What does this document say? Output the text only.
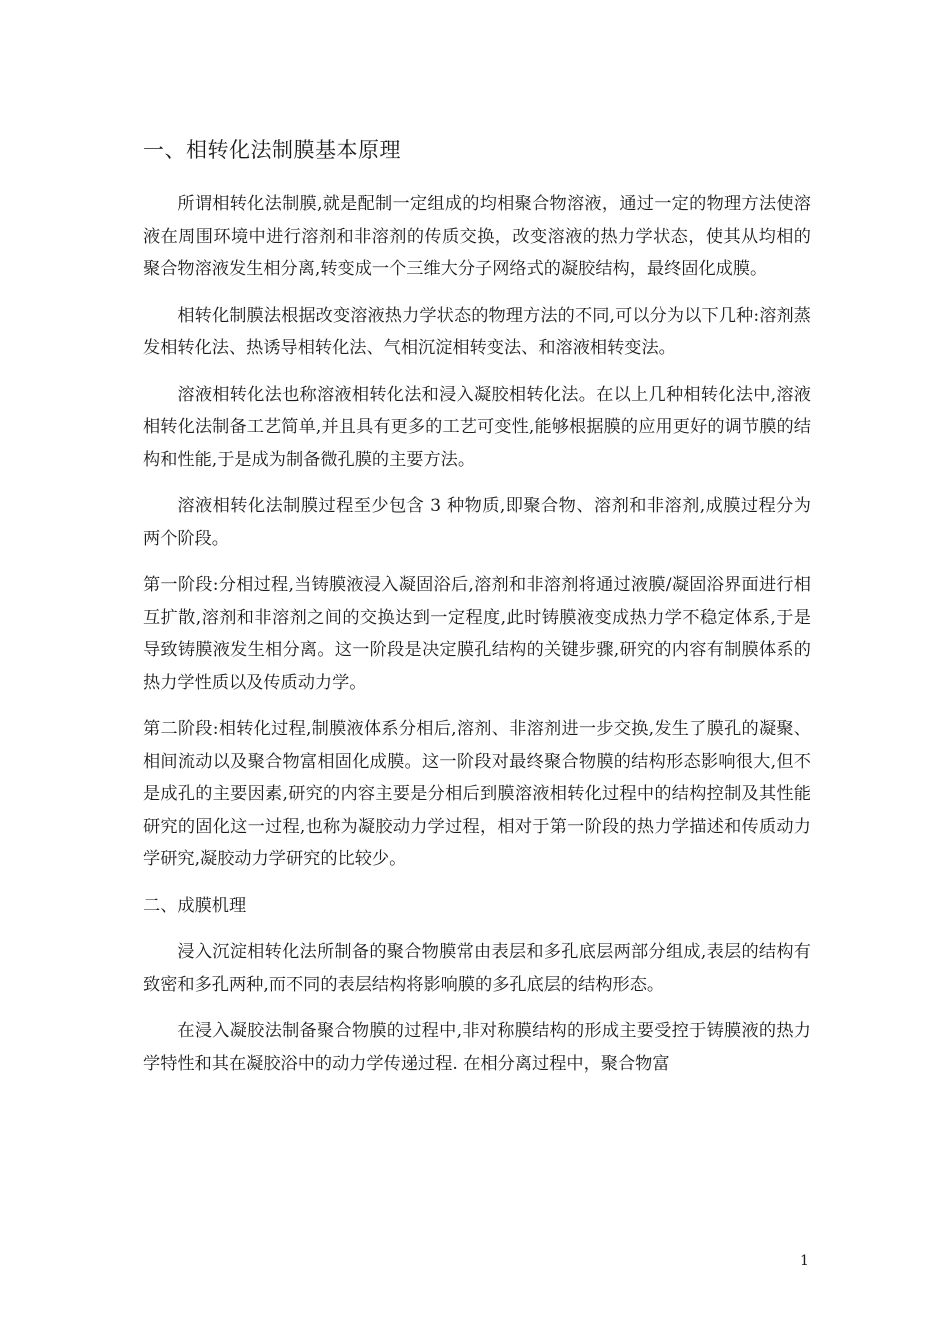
一、相转化法制膜基本原理

所谓相转化法制膜,就是配制一定组成的均相聚合物溶液，通过一定的物理方法使溶液在周围环境中进行溶剂和非溶剂的传质交换，改变溶液的热力学状态，使其从均相的聚合物溶液发生相分离,转变成一个三维大分子网络式的凝胶结构，最终固化成膜。

相转化制膜法根据改变溶液热力学状态的物理方法的不同,可以分为以下几种:溶剂蒸发相转化法、热诱导相转化法、气相沉淀相转变法、和溶液相转变法。

溶液相转化法也称溶液相转化法和浸入凝胶相转化法。在以上几种相转化法中,溶液相转化法制备工艺简单,并且具有更多的工艺可变性,能够根据膜的应用更好的调节膜的结构和性能,于是成为制备微孔膜的主要方法。

溶液相转化法制膜过程至少包含 3 种物质,即聚合物、溶剂和非溶剂,成膜过程分为两个阶段。

第一阶段:分相过程,当铸膜液浸入凝固浴后,溶剂和非溶剂将通过液膜/凝固浴界面进行相互扩散,溶剂和非溶剂之间的交换达到一定程度,此时铸膜液变成热力学不稳定体系,于是导致铸膜液发生相分离。这一阶段是决定膜孔结构的关键步骤,研究的内容有制膜体系的热力学性质以及传质动力学。

第二阶段:相转化过程,制膜液体系分相后,溶剂、非溶剂进一步交换,发生了膜孔的凝聚、相间流动以及聚合物富相固化成膜。这一阶段对最终聚合物膜的结构形态影响很大,但不是成孔的主要因素,研究的内容主要是分相后到膜溶液相转化过程中的结构控制及其性能研究的固化这一过程,也称为凝胶动力学过程，相对于第一阶段的热力学描述和传质动力学研究,凝胶动力学研究的比较少。

二、成膜机理

浸入沉淀相转化法所制备的聚合物膜常由表层和多孔底层两部分组成,表层的结构有致密和多孔两种,而不同的表层结构将影响膜的多孔底层的结构形态。

在浸入凝胶法制备聚合物膜的过程中,非对称膜结构的形成主要受控于铸膜液的热力学特性和其在凝胶浴中的动力学传递过程. 在相分离过程中，聚合物富

1
